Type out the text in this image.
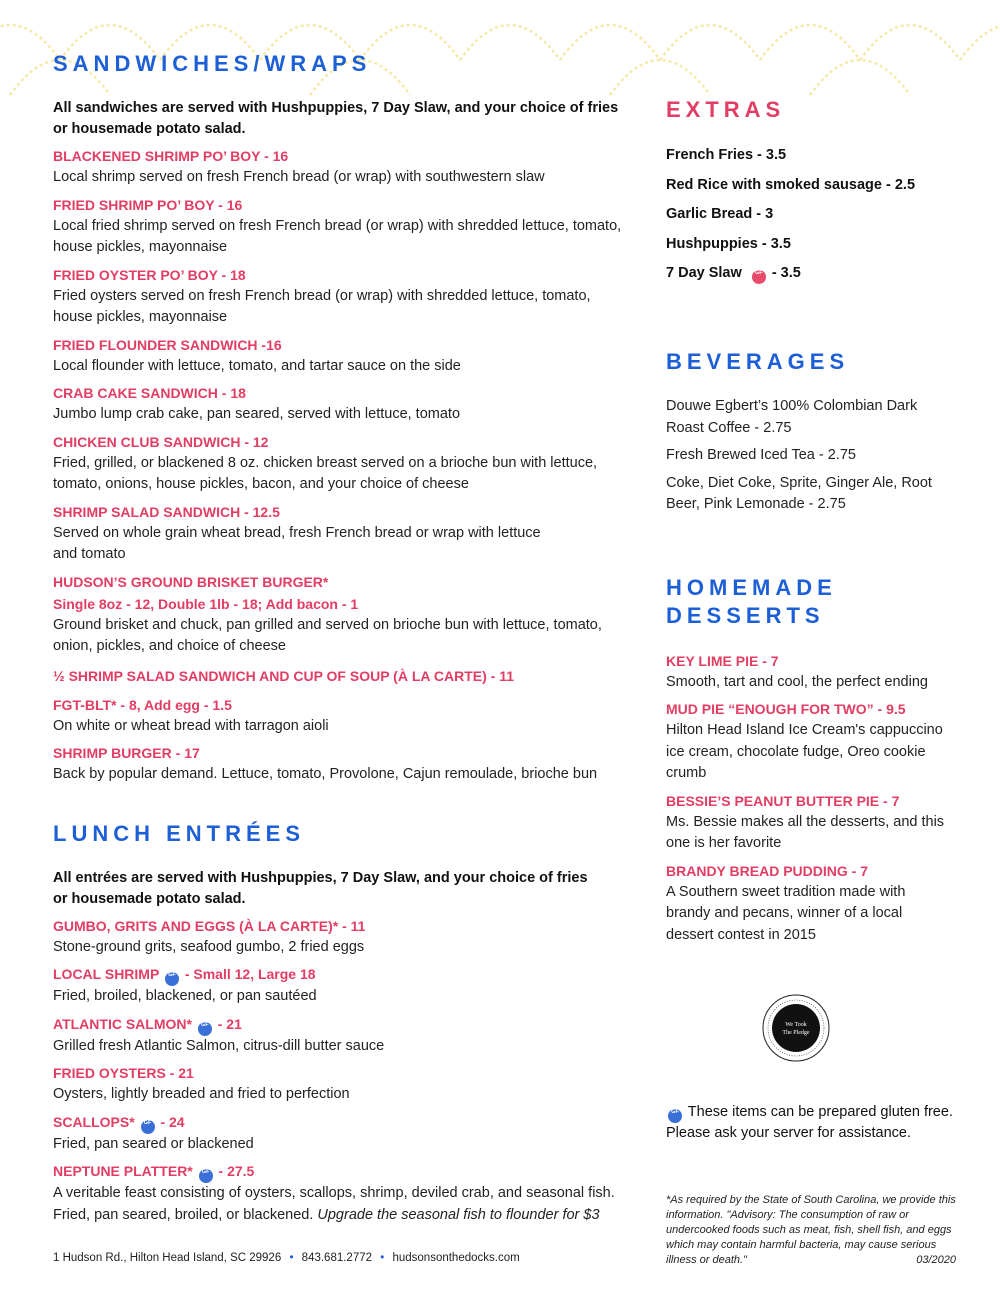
SANDWICHES/WRAPS
All sandwiches are served with Hushpuppies, 7 Day Slaw, and your choice of fries or housemade potato salad.
BLACKENED SHRIMP PO’ BOY - 16
Local shrimp served on fresh French bread (or wrap) with southwestern slaw
FRIED SHRIMP PO’ BOY - 16
Local fried shrimp served on fresh French bread (or wrap) with shredded lettuce, tomato, house pickles, mayonnaise
FRIED OYSTER PO’ BOY - 18
Fried oysters served on fresh French bread (or wrap) with shredded lettuce, tomato, house pickles, mayonnaise
FRIED FLOUNDER SANDWICH -16
Local flounder with lettuce, tomato, and tartar sauce on the side
CRAB CAKE SANDWICH - 18
Jumbo lump crab cake, pan seared, served with lettuce, tomato
CHICKEN CLUB SANDWICH - 12
Fried, grilled, or blackened 8 oz. chicken breast served on a brioche bun with lettuce, tomato, onions, house pickles, bacon, and your choice of cheese
SHRIMP SALAD SANDWICH - 12.5
Served on whole grain wheat bread, fresh French bread or wrap with lettuce and tomato
HUDSON’S GROUND BRISKET BURGER*
Single 8oz - 12, Double 1lb - 18; Add bacon - 1
Ground brisket and chuck, pan grilled and served on brioche bun with lettuce, tomato, onion, pickles, and choice of cheese
½ SHRIMP SALAD SANDWICH AND CUP OF SOUP (À LA CARTE) - 11
FGT-BLT* - 8, Add egg - 1.5
On white or wheat bread with tarragon aioli
SHRIMP BURGER - 17
Back by popular demand. Lettuce, tomato, Provolone, Cajun remoulade, brioche bun
LUNCH ENTRÉES
All entrées are served with Hushpuppies, 7 Day Slaw, and your choice of fries or housemade potato salad.
GUMBO, GRITS AND EGGS (À LA CARTE)* - 11
Stone-ground grits, seafood gumbo, 2 fried eggs
LOCAL SHRIMP GF - Small 12, Large 18
Fried, broiled, blackened, or pan sautéed
ATLANTIC SALMON* GF - 21
Grilled fresh Atlantic Salmon, citrus-dill butter sauce
FRIED OYSTERS - 21
Oysters, lightly breaded and fried to perfection
SCALLOPS* GF - 24
Fried, pan seared or blackened
NEPTUNE PLATTER* GF - 27.5
A veritable feast consisting of oysters, scallops, shrimp, deviled crab, and seasonal fish. Fried, pan seared, broiled, or blackened. Upgrade the seasonal fish to flounder for $3
EXTRAS
French Fries - 3.5
Red Rice with smoked sausage - 2.5
Garlic Bread - 3
Hushpuppies - 3.5
7 Day Slaw GF - 3.5
BEVERAGES
Douwe Egbert’s 100% Colombian Dark Roast Coffee - 2.75
Fresh Brewed Iced Tea - 2.75
Coke, Diet Coke, Sprite, Ginger Ale, Root Beer, Pink Lemonade - 2.75
HOMEMADE
DESSERTS
KEY LIME PIE - 7
Smooth, tart and cool, the perfect ending
MUD PIE “ENOUGH FOR TWO” - 9.5
Hilton Head Island Ice Cream's cappuccino ice cream, chocolate fudge, Oreo cookie crumb
BESSIE’S PEANUT BUTTER PIE - 7
Ms. Bessie makes all the desserts, and this one is her favorite
BRANDY BREAD PUDDING - 7
A Southern sweet tradition made with brandy and pecans, winner of a local dessert contest in 2015
We Took
The Pledge
GF These items can be prepared gluten free. Please ask your server for assistance.
*As required by the State of South Carolina, we provide this information. "Advisory: The consumption of raw or undercooked foods such as meat, fish, shell fish, and eggs which may contain harmful bacteria, may cause serious illness or death."	03/2020
1 Hudson Rd., Hilton Head Island, SC 29926 • 843.681.2772 • hudsonsonthedocks.com
